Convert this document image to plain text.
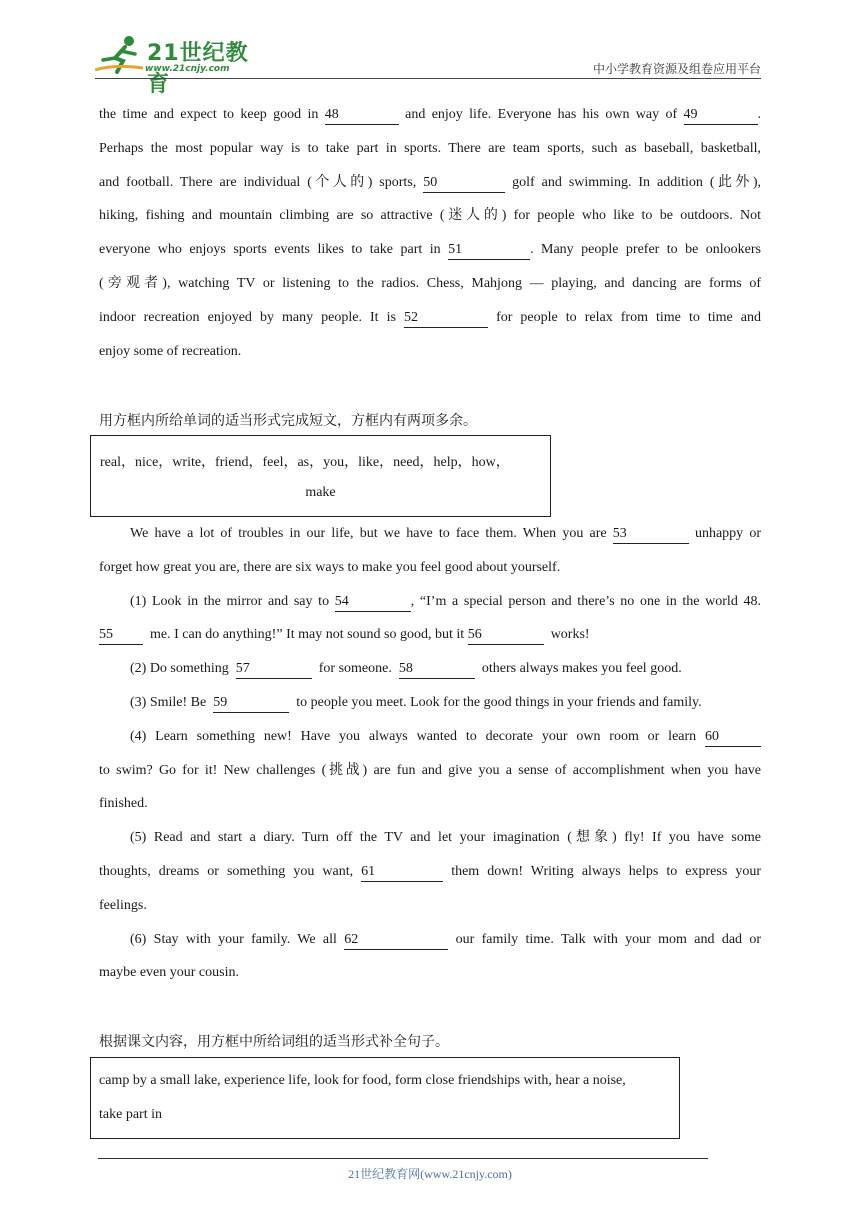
21世纪教育
www.21cnjy.com	中小学教育资源及组卷应用平台
the time and expect to keep good in 48	and enjoy life. Everyone has his own way of 49	.
Perhaps the most popular way is to take part in sports. There are team sports, such as baseball, basketball,
and football. There are individual (个人的) sports, 50	golf and swimming. In addition (此外),
hiking, fishing and mountain climbing are so attractive (迷人的) for people who like to be outdoors. Not
everyone who enjoys sports events likes to take part in 51	. Many people prefer to be onlookers
(旁观者), watching TV or listening to the radios. Chess, Mahjong — playing, and dancing are forms of
indoor recreation enjoyed by many people. It is 52	for people to relax from time to time and
enjoy some of recreation.
用方框内所给单词的适当形式完成短文，方框内有两项多余。
real，nice，write，friend，feel，as，you，like，need，help，how，
make
We have a lot of troubles in our life, but we have to face them. When you are 53	unhappy or
forget how great you are, there are six ways to make you feel good about yourself.
(1) Look in the mirror and say to 54	, “I’m a special person and there’s no one in the world 48.
55	me. I can do anything!” It may not sound so good, but it 56	works!
(2) Do something 57	for someone. 58	others always makes you feel good.
(3) Smile! Be 59	to people you meet. Look for the good things in your friends and family.
(4) Learn something new! Have you always wanted to decorate your own room or learn 60
to swim? Go for it! New challenges (挑战) are fun and give you a sense of accomplishment when you have
finished.
(5) Read and start a diary. Turn off the TV and let your imagination (想象) fly! If you have some
thoughts, dreams or something you want, 61	them down! Writing always helps to express your
feelings.
(6) Stay with your family. We all 62	our family time. Talk with your mom and dad or
maybe even your cousin.
根据课文内容，用方框中所给词组的适当形式补全句子。
camp by a small lake, experience life, look for food, form close friendships with, hear a noise,
take part in
21世纪教育网(www.21cnjy.com)
